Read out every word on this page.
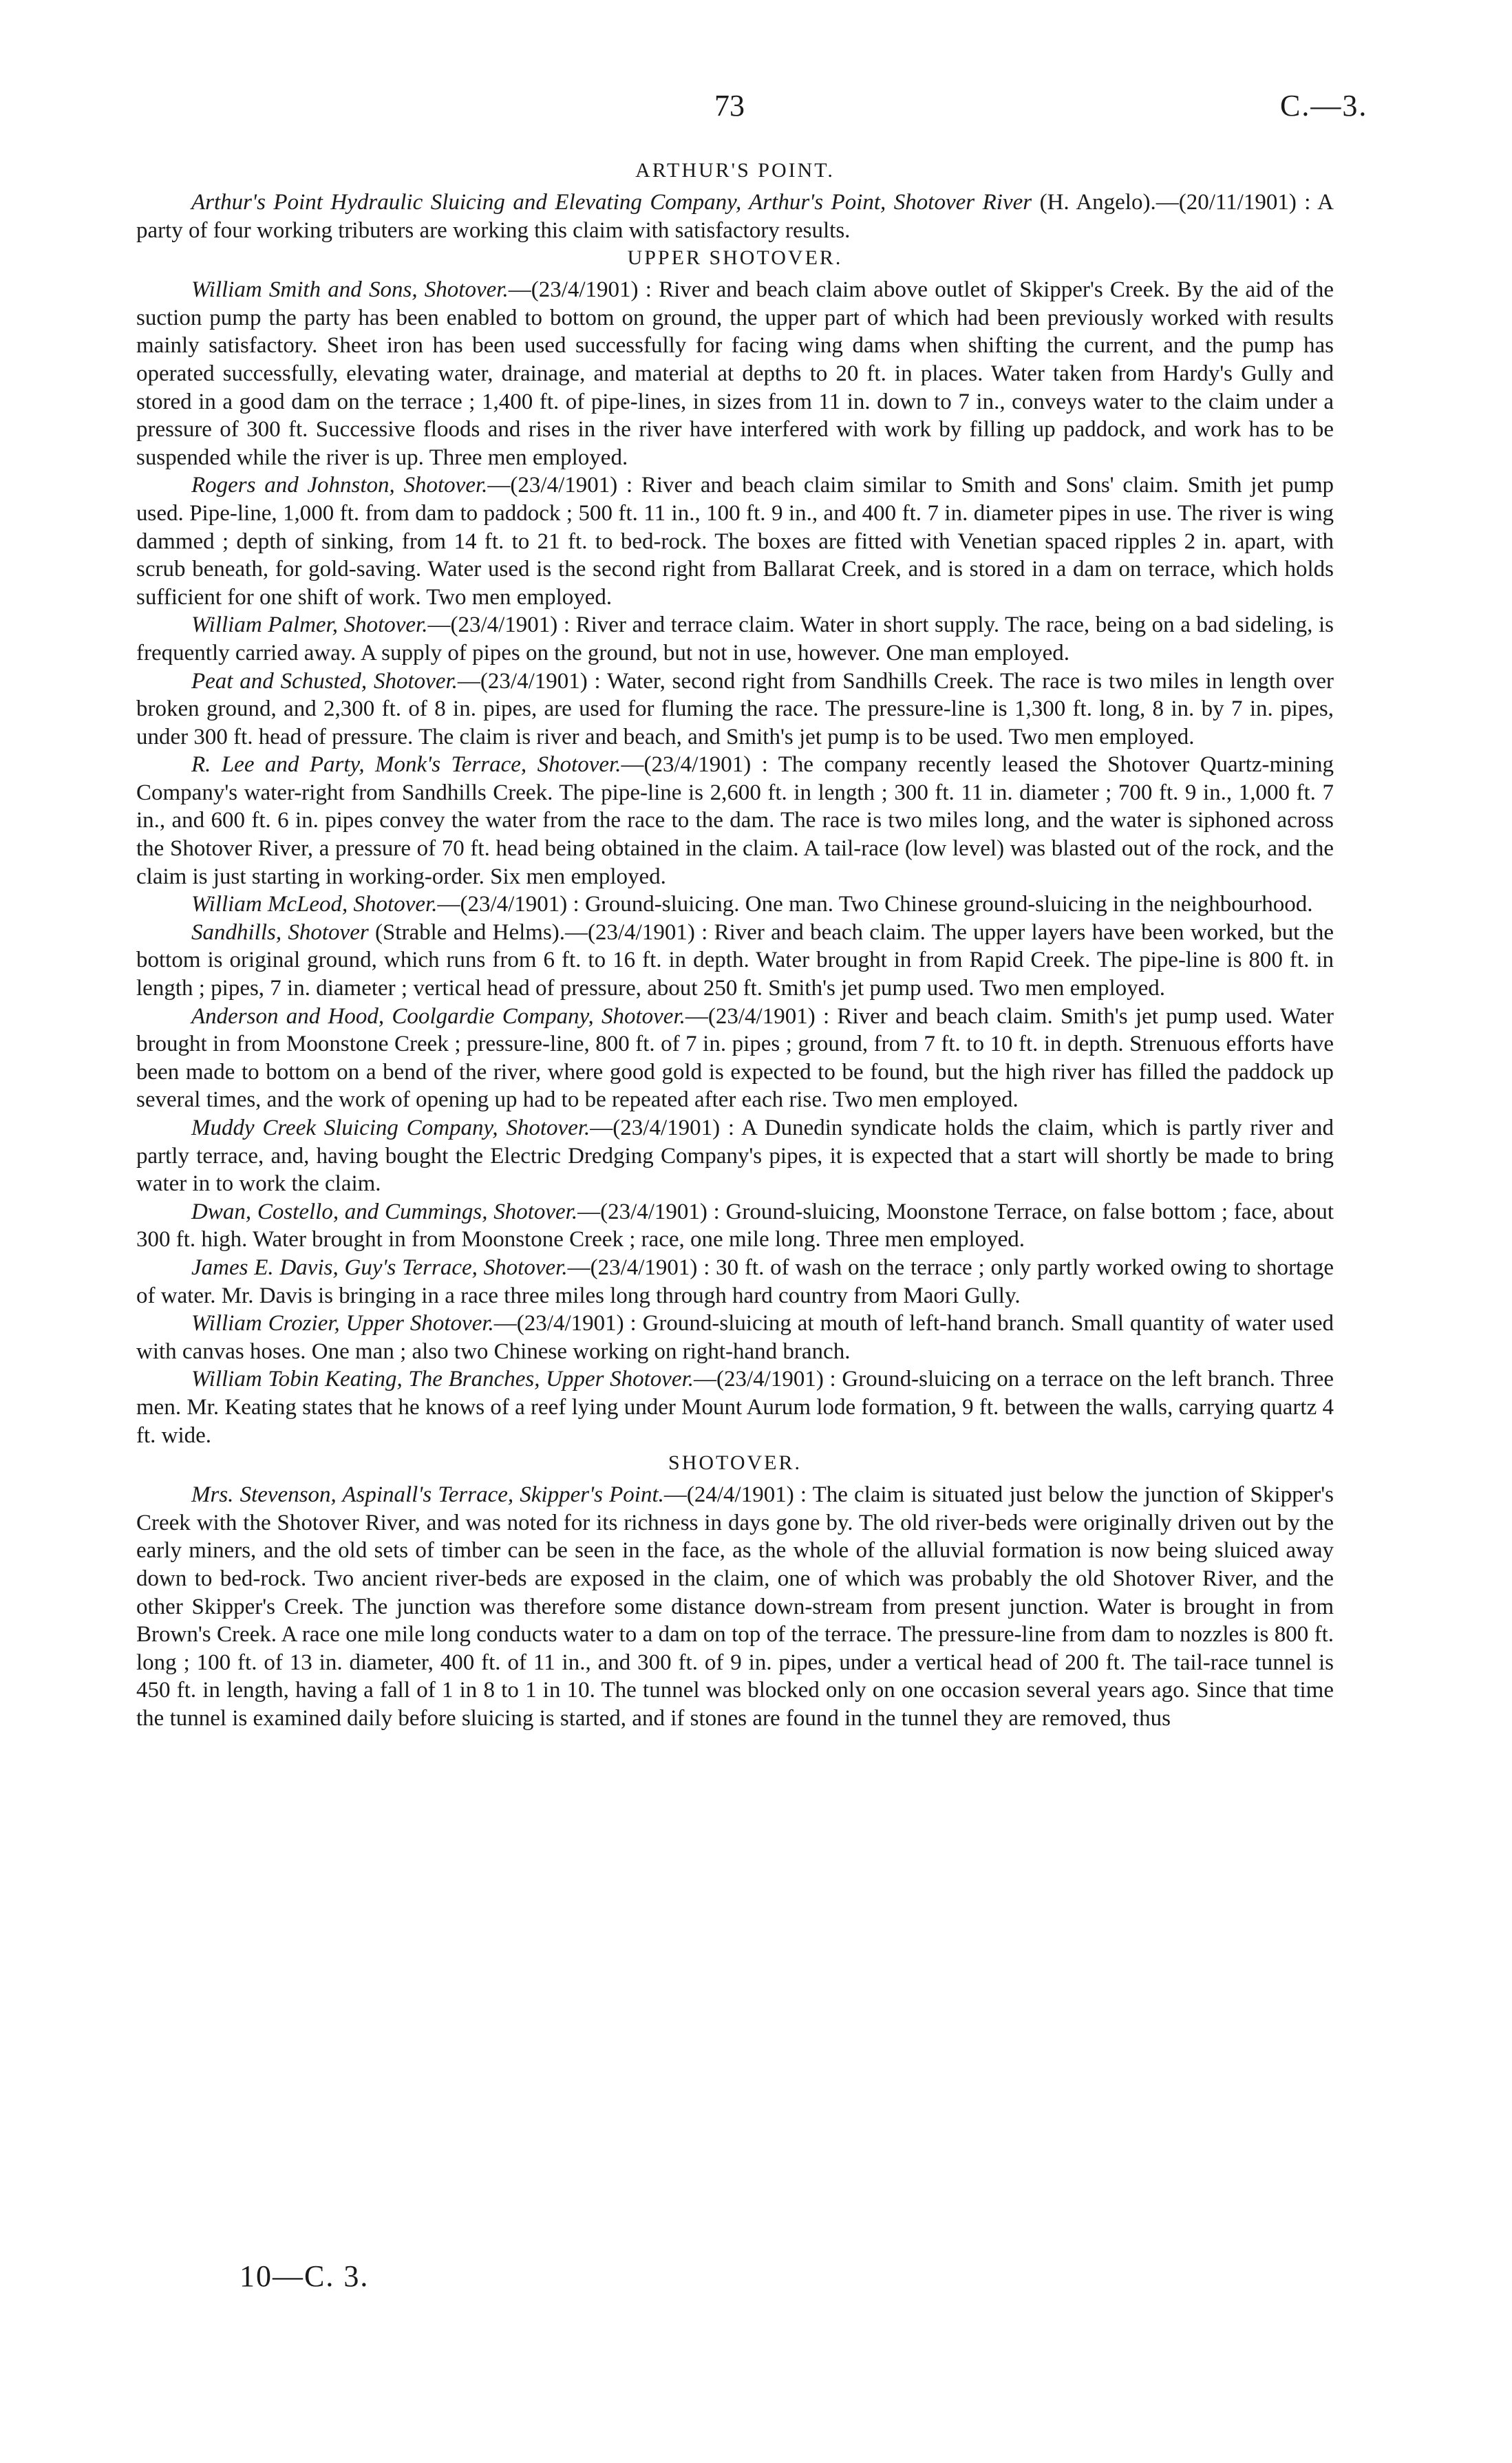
73	C.—3.
ARTHUR'S POINT.

Arthur's Point Hydraulic Sluicing and Elevating Company, Arthur's Point, Shotover River (H. Angelo).—(20/11/1901) : A party of four working tributers are working this claim with satisfactory results.

UPPER SHOTOVER.

William Smith and Sons, Shotover.—(23/4/1901) : River and beach claim above outlet of Skipper's Creek. By the aid of the suction pump the party has been enabled to bottom on ground, the upper part of which had been previously worked with results mainly satisfactory. Sheet iron has been used successfully for facing wing dams when shifting the current, and the pump has operated successfully, elevating water, drainage, and material at depths to 20 ft. in places. Water taken from Hardy's Gully and stored in a good dam on the terrace ; 1,400 ft. of pipe-lines, in sizes from 11 in. down to 7 in., conveys water to the claim under a pressure of 300 ft. Successive floods and rises in the river have interfered with work by filling up paddock, and work has to be suspended while the river is up. Three men employed.

Rogers and Johnston, Shotover.—(23/4/1901) : River and beach claim similar to Smith and Sons' claim. Smith jet pump used. Pipe-line, 1,000 ft. from dam to paddock ; 500 ft. 11 in., 100 ft. 9 in., and 400 ft. 7 in. diameter pipes in use. The river is wing dammed ; depth of sinking, from 14 ft. to 21 ft. to bed-rock. The boxes are fitted with Venetian spaced ripples 2 in. apart, with scrub beneath, for gold-saving. Water used is the second right from Ballarat Creek, and is stored in a dam on terrace, which holds sufficient for one shift of work. Two men employed.

William Palmer, Shotover.—(23/4/1901) : River and terrace claim. Water in short supply. The race, being on a bad sideling, is frequently carried away. A supply of pipes on the ground, but not in use, however. One man employed.

Peat and Schusted, Shotover.—(23/4/1901) : Water, second right from Sandhills Creek. The race is two miles in length over broken ground, and 2,300 ft. of 8 in. pipes, are used for fluming the race. The pressure-line is 1,300 ft. long, 8 in. by 7 in. pipes, under 300 ft. head of pressure. The claim is river and beach, and Smith's jet pump is to be used. Two men employed.

R. Lee and Party, Monk's Terrace, Shotover.—(23/4/1901) : The company recently leased the Shotover Quartz-mining Company's water-right from Sandhills Creek. The pipe-line is 2,600 ft. in length ; 300 ft. 11 in. diameter ; 700 ft. 9 in., 1,000 ft. 7 in., and 600 ft. 6 in. pipes convey the water from the race to the dam. The race is two miles long, and the water is siphoned across the Shotover River, a pressure of 70 ft. head being obtained in the claim. A tail-race (low level) was blasted out of the rock, and the claim is just starting in working-order. Six men employed.

William McLeod, Shotover.—(23/4/1901) : Ground-sluicing. One man. Two Chinese ground-sluicing in the neighbourhood.

Sandhills, Shotover (Strable and Helms).—(23/4/1901) : River and beach claim. The upper layers have been worked, but the bottom is original ground, which runs from 6 ft. to 16 ft. in depth. Water brought in from Rapid Creek. The pipe-line is 800 ft. in length ; pipes, 7 in. diameter ; vertical head of pressure, about 250 ft. Smith's jet pump used. Two men employed.

Anderson and Hood, Coolgardie Company, Shotover.—(23/4/1901) : River and beach claim. Smith's jet pump used. Water brought in from Moonstone Creek ; pressure-line, 800 ft. of 7 in. pipes ; ground, from 7 ft. to 10 ft. in depth. Strenuous efforts have been made to bottom on a bend of the river, where good gold is expected to be found, but the high river has filled the paddock up several times, and the work of opening up had to be repeated after each rise. Two men employed.

Muddy Creek Sluicing Company, Shotover.—(23/4/1901) : A Dunedin syndicate holds the claim, which is partly river and partly terrace, and, having bought the Electric Dredging Company's pipes, it is expected that a start will shortly be made to bring water in to work the claim.

Dwan, Costello, and Cummings, Shotover.—(23/4/1901) : Ground-sluicing, Moonstone Terrace, on false bottom ; face, about 300 ft. high. Water brought in from Moonstone Creek ; race, one mile long. Three men employed.

James E. Davis, Guy's Terrace, Shotover.—(23/4/1901) : 30 ft. of wash on the terrace ; only partly worked owing to shortage of water. Mr. Davis is bringing in a race three miles long through hard country from Maori Gully.

William Crozier, Upper Shotover.—(23/4/1901) : Ground-sluicing at mouth of left-hand branch. Small quantity of water used with canvas hoses. One man ; also two Chinese working on right-hand branch.

William Tobin Keating, The Branches, Upper Shotover.—(23/4/1901) : Ground-sluicing on a terrace on the left branch. Three men. Mr. Keating states that he knows of a reef lying under Mount Aurum lode formation, 9 ft. between the walls, carrying quartz 4 ft. wide.

SHOTOVER.

Mrs. Stevenson, Aspinall's Terrace, Skipper's Point.—(24/4/1901) : The claim is situated just below the junction of Skipper's Creek with the Shotover River, and was noted for its richness in days gone by. The old river-beds were originally driven out by the early miners, and the old sets of timber can be seen in the face, as the whole of the alluvial formation is now being sluiced away down to bed-rock. Two ancient river-beds are exposed in the claim, one of which was probably the old Shotover River, and the other Skipper's Creek. The junction was therefore some distance down-stream from present junction. Water is brought in from Brown's Creek. A race one mile long conducts water to a dam on top of the terrace. The pressure-line from dam to nozzles is 800 ft. long ; 100 ft. of 13 in. diameter, 400 ft. of 11 in., and 300 ft. of 9 in. pipes, under a vertical head of 200 ft. The tail-race tunnel is 450 ft. in length, having a fall of 1 in 8 to 1 in 10. The tunnel was blocked only on one occasion several years ago. Since that time the tunnel is examined daily before sluicing is started, and if stones are found in the tunnel they are removed, thus

10—C. 3.
